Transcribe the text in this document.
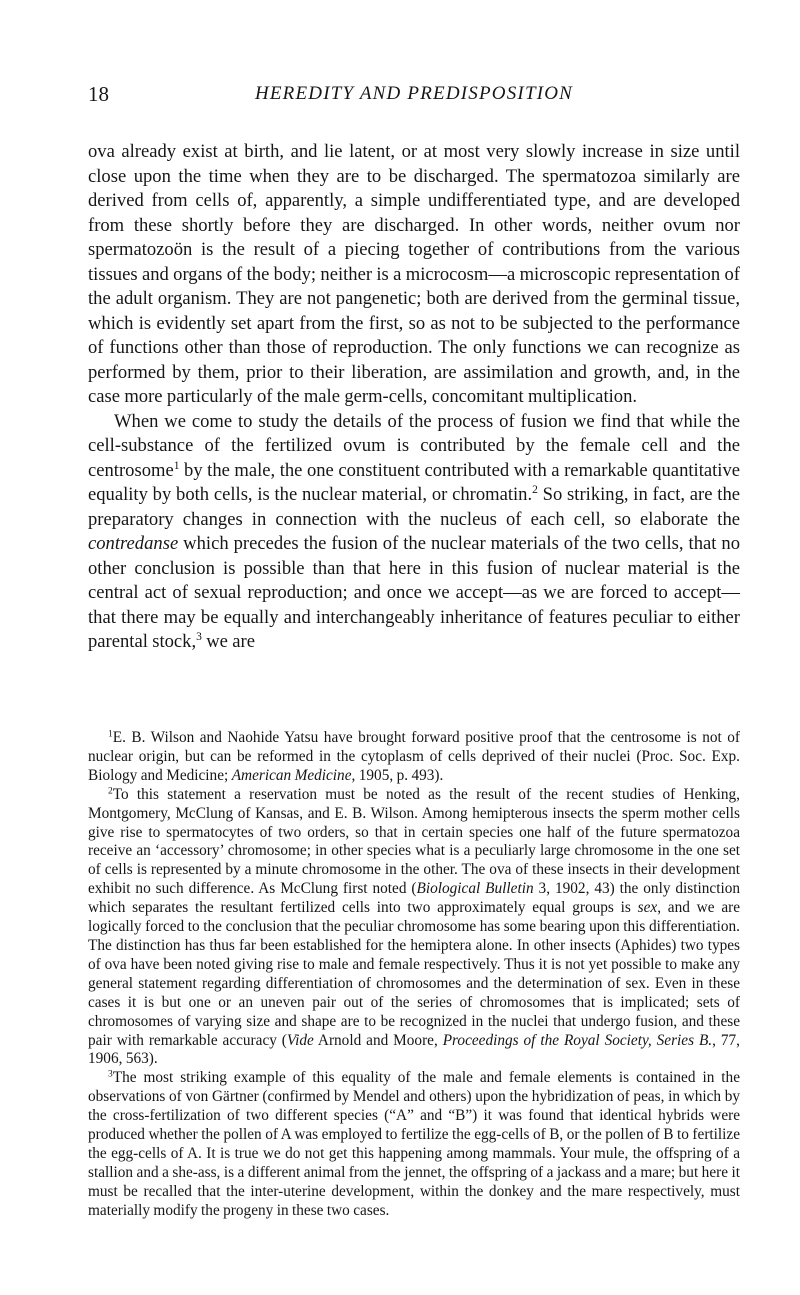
18	HEREDITY AND PREDISPOSITION

ova already exist at birth, and lie latent, or at most very slowly increase in size until close upon the time when they are to be discharged. The spermatozoa similarly are derived from cells of, apparently, a simple undifferentiated type, and are developed from these shortly before they are discharged. In other words, neither ovum nor spermatozoön is the result of a piecing together of contributions from the various tissues and organs of the body; neither is a microcosm—a microscopic representation of the adult organism. They are not pangenetic; both are derived from the germinal tissue, which is evidently set apart from the first, so as not to be subjected to the performance of functions other than those of reproduction. The only functions we can recognize as performed by them, prior to their liberation, are assimilation and growth, and, in the case more particularly of the male germ-cells, concomitant multiplication.

When we come to study the details of the process of fusion we find that while the cell-substance of the fertilized ovum is contributed by the female cell and the centrosome$^1$ by the male, the one constituent contributed with a remarkable quantitative equality by both cells, is the nuclear material, or chromatin.$^2$ So striking, in fact, are the preparatory changes in connection with the nucleus of each cell, so elaborate the contredanse which precedes the fusion of the nuclear materials of the two cells, that no other conclusion is possible than that here in this fusion of nuclear material is the central act of sexual reproduction; and once we accept—as we are forced to accept—that there may be equally and interchangeably inheritance of features peculiar to either parental stock,$^3$ we are

$^1$E. B. Wilson and Naohide Yatsu have brought forward positive proof that the centrosome is not of nuclear origin, but can be reformed in the cytoplasm of cells deprived of their nuclei (Proc. Soc. Exp. Biology and Medicine; American Medicine, 1905, p. 493).

$^2$To this statement a reservation must be noted as the result of the recent studies of Henking, Montgomery, McClung of Kansas, and E. B. Wilson. Among hemipterous insects the sperm mother cells give rise to spermatocytes of two orders, so that in certain species one half of the future spermatozoa receive an ‘accessory’ chromosome; in other species what is a peculiarly large chromosome in the one set of cells is represented by a minute chromosome in the other. The ova of these insects in their development exhibit no such difference. As McClung first noted (Biological Bulletin 3, 1902, 43) the only distinction which separates the resultant fertilized cells into two approximately equal groups is sex, and we are logically forced to the conclusion that the peculiar chromosome has some bearing upon this differentiation. The distinction has thus far been established for the hemiptera alone. In other insects (Aphides) two types of ova have been noted giving rise to male and female respectively. Thus it is not yet possible to make any general statement regarding differentiation of chromosomes and the determination of sex. Even in these cases it is but one or an uneven pair out of the series of chromosomes that is implicated; sets of chromosomes of varying size and shape are to be recognized in the nuclei that undergo fusion, and these pair with remarkable accuracy (Vide Arnold and Moore, Proceedings of the Royal Society, Series B., 77, 1906, 563).

$^3$The most striking example of this equality of the male and female elements is contained in the observations of von Gärtner (confirmed by Mendel and others) upon the hybridization of peas, in which by the cross-fertilization of two different species (“A” and “B”) it was found that identical hybrids were produced whether the pollen of A was employed to fertilize the egg-cells of B, or the pollen of B to fertilize the egg-cells of A. It is true we do not get this happening among mammals. Your mule, the offspring of a stallion and a she-ass, is a different animal from the jennet, the offspring of a jackass and a mare; but here it must be recalled that the inter-uterine development, within the donkey and the mare respectively, must materially modify the progeny in these two cases.
